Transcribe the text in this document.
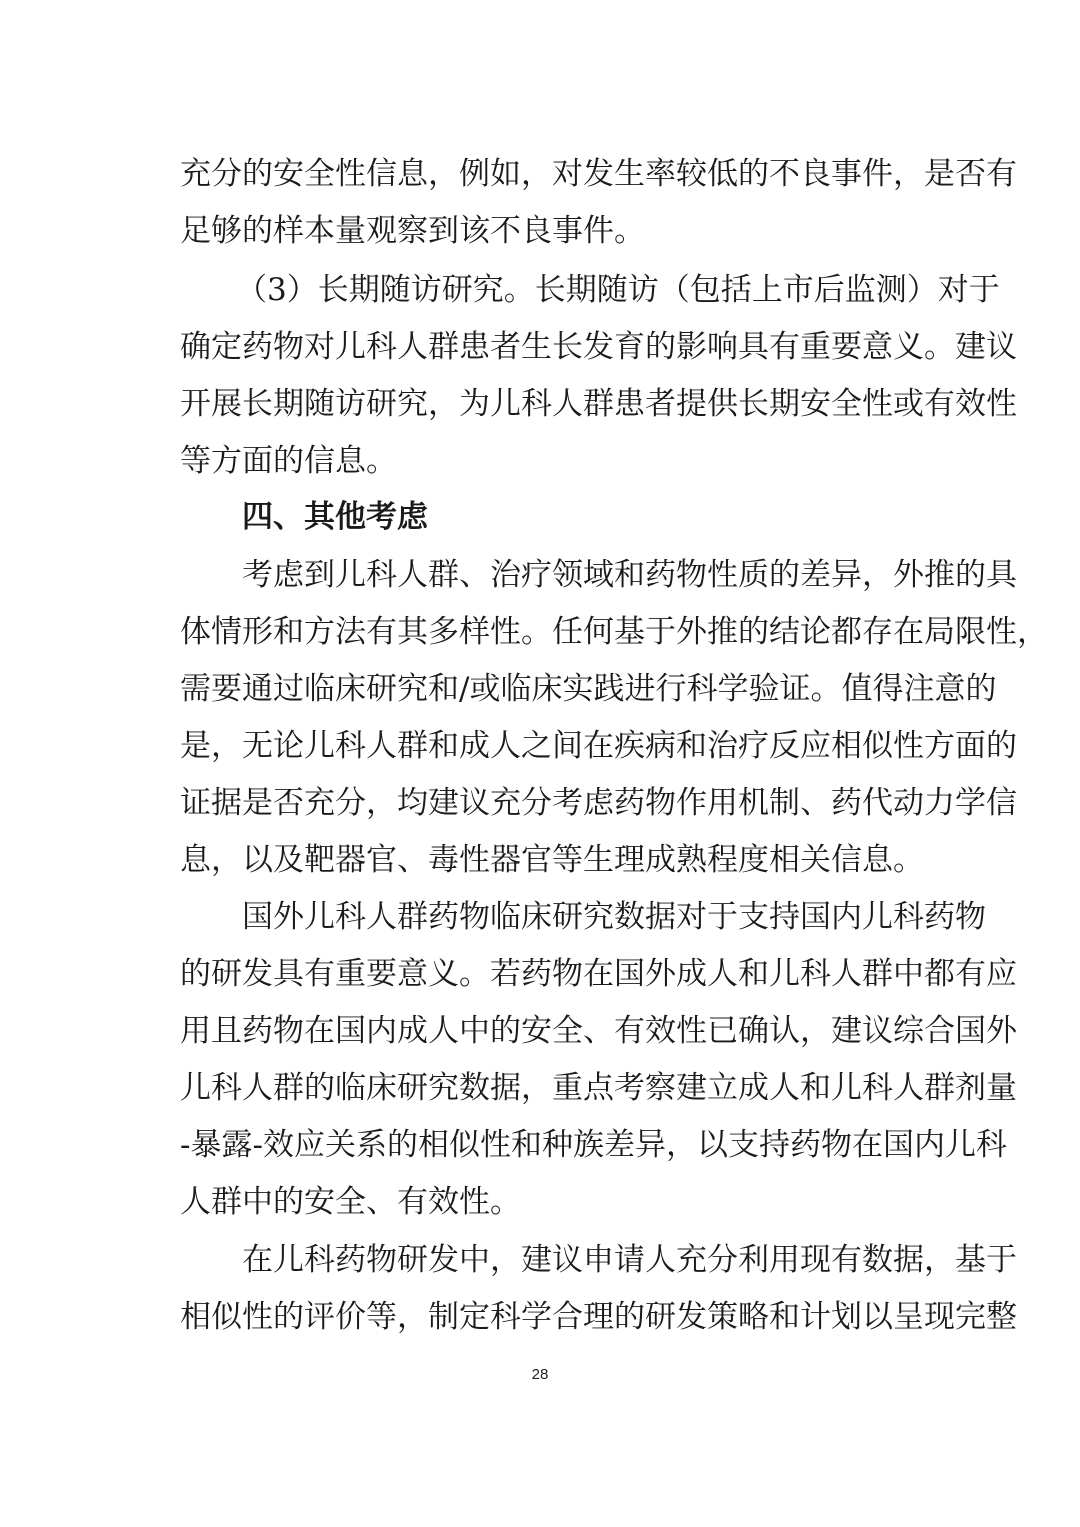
充分的安全性信息，例如，对发生率较低的不良事件，是否有
足够的样本量观察到该不良事件。
（3）长期随访研究。长期随访（包括上市后监测）对于
确定药物对儿科人群患者生长发育的影响具有重要意义。建议
开展长期随访研究，为儿科人群患者提供长期安全性或有效性
等方面的信息。
四、其他考虑
考虑到儿科人群、治疗领域和药物性质的差异，外推的具
体情形和方法有其多样性。任何基于外推的结论都存在局限性，
需要通过临床研究和/或临床实践进行科学验证。值得注意的
是，无论儿科人群和成人之间在疾病和治疗反应相似性方面的
证据是否充分，均建议充分考虑药物作用机制、药代动力学信
息，以及靶器官、毒性器官等生理成熟程度相关信息。
国外儿科人群药物临床研究数据对于支持国内儿科药物
的研发具有重要意义。若药物在国外成人和儿科人群中都有应
用且药物在国内成人中的安全、有效性已确认，建议综合国外
儿科人群的临床研究数据，重点考察建立成人和儿科人群剂量
-暴露-效应关系的相似性和种族差异，以支持药物在国内儿科
人群中的安全、有效性。
在儿科药物研发中，建议申请人充分利用现有数据，基于
相似性的评价等，制定科学合理的研发策略和计划以呈现完整
28
